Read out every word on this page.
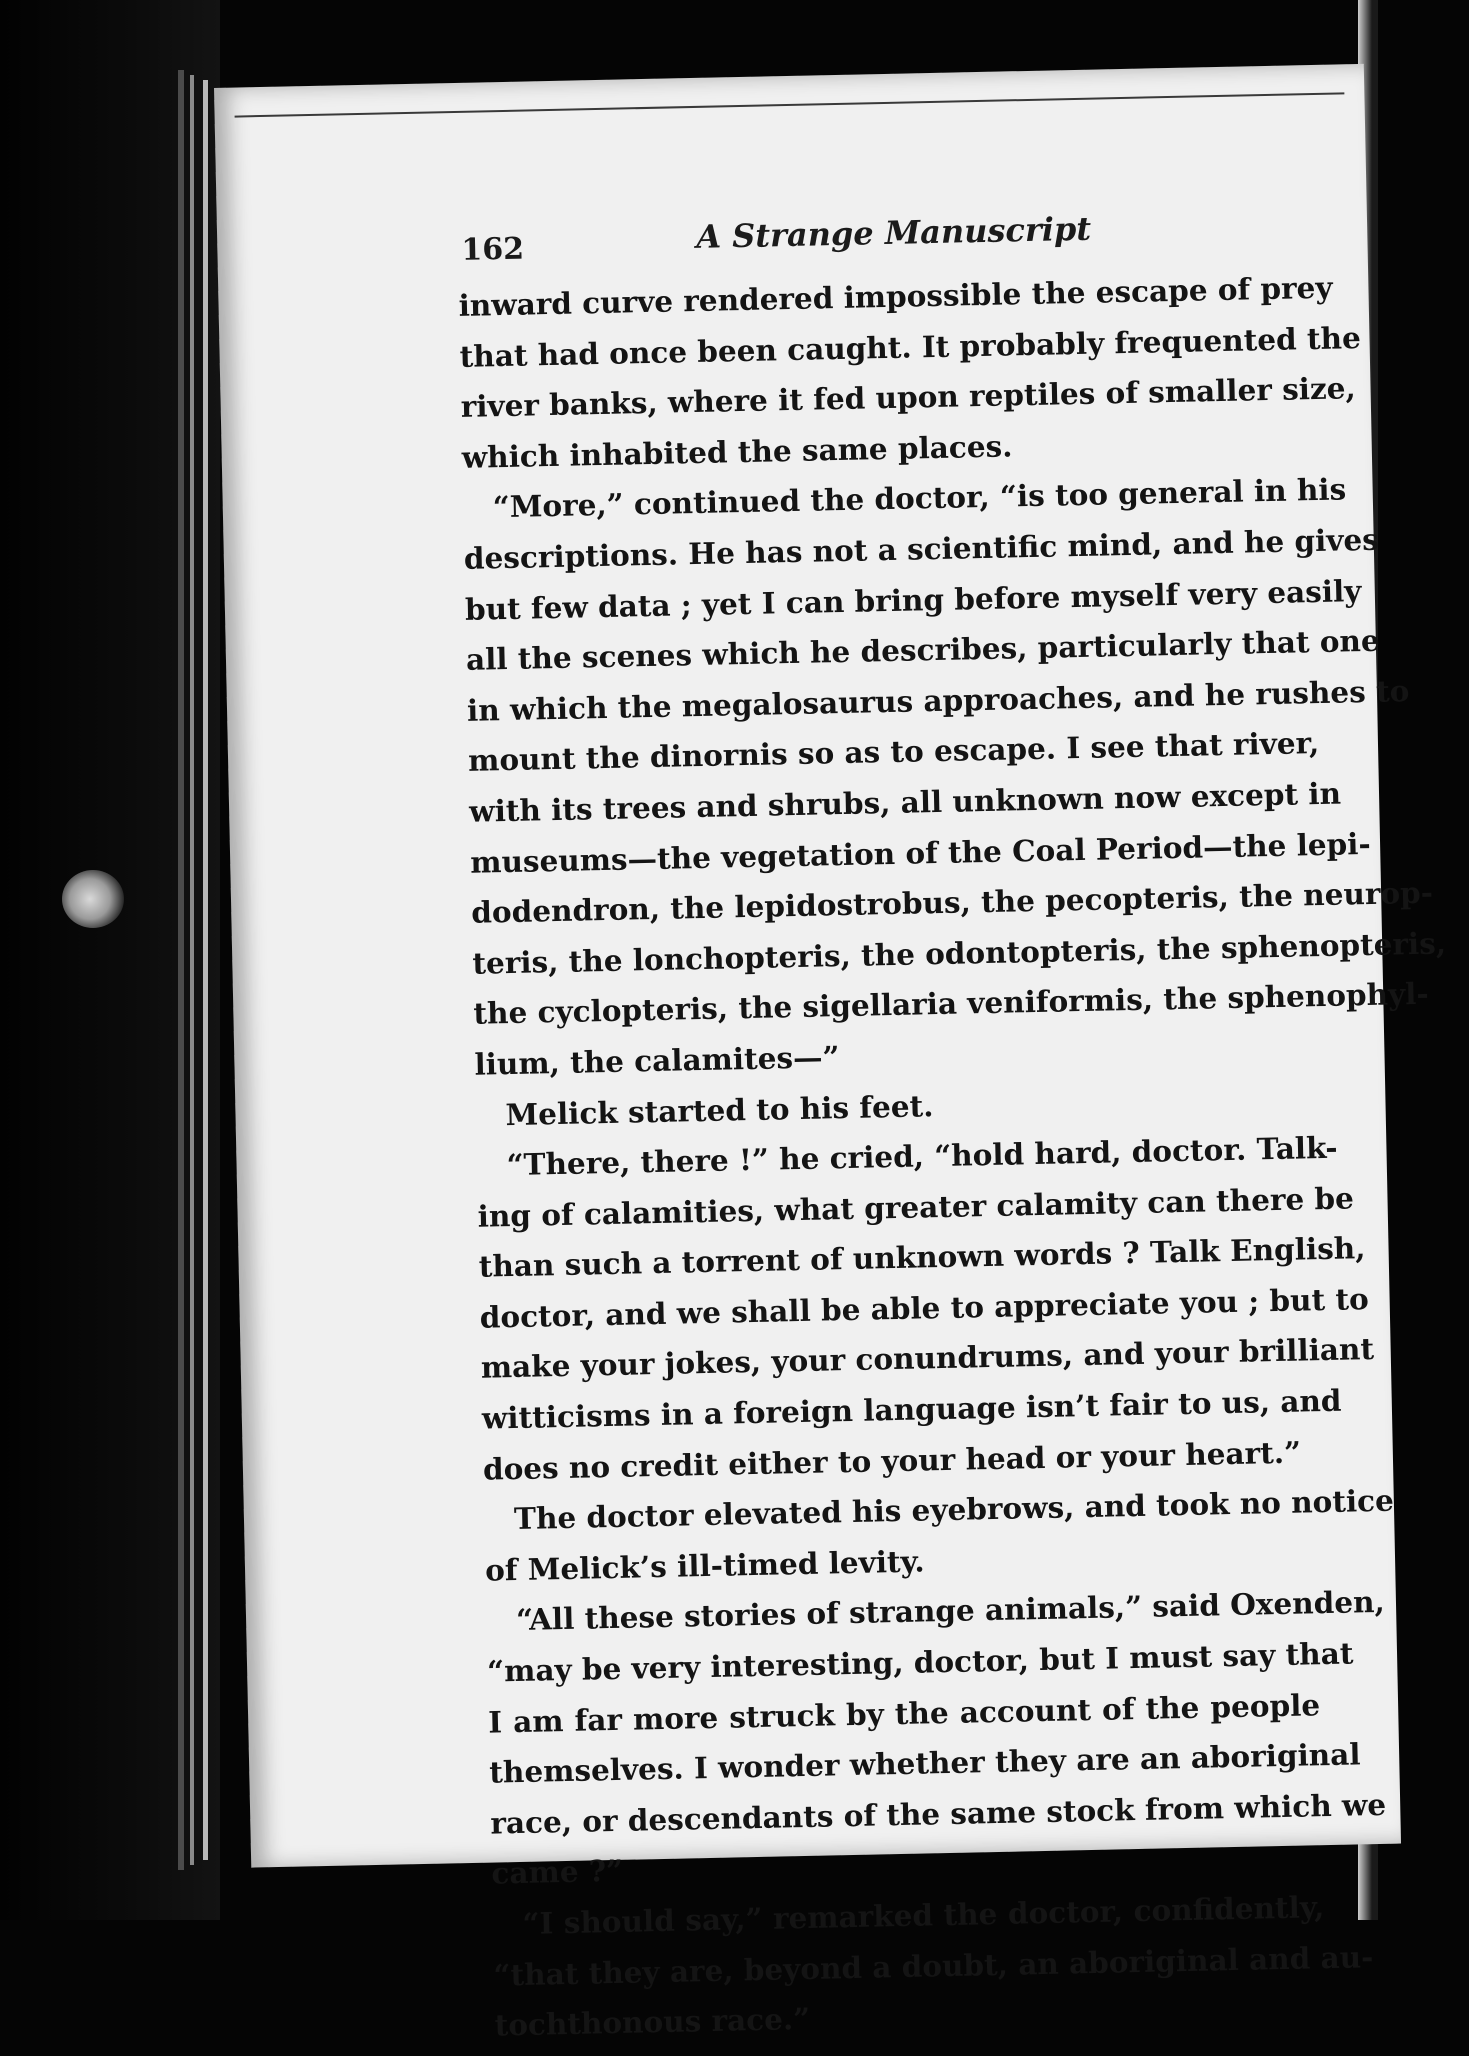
162	A Strange Manuscript
inward curve rendered impossible the escape of prey
that had once been caught. It probably frequented the
river banks, where it fed upon reptiles of smaller size,
which inhabited the same places.
“More,” continued the doctor, “is too general in his
descriptions. He has not a scientific mind, and he gives
but few data ; yet I can bring before myself very easily
all the scenes which he describes, particularly that one
in which the megalosaurus approaches, and he rushes to
mount the dinornis so as to escape. I see that river,
with its trees and shrubs, all unknown now except in
museums—the vegetation of the Coal Period—the lepi-
dodendron, the lepidostrobus, the pecopteris, the neurop-
teris, the lonchopteris, the odontopteris, the sphenopteris,
the cyclopteris, the sigellaria veniformis, the sphenophyl-
lium, the calamites—”
Melick started to his feet.
“There, there !” he cried, “hold hard, doctor. Talk-
ing of calamities, what greater calamity can there be
than such a torrent of unknown words ? Talk English,
doctor, and we shall be able to appreciate you ; but to
make your jokes, your conundrums, and your brilliant
witticisms in a foreign language isn’t fair to us, and
does no credit either to your head or your heart.”
The doctor elevated his eyebrows, and took no notice
of Melick’s ill-timed levity.
“All these stories of strange animals,” said Oxenden,
“may be very interesting, doctor, but I must say that
I am far more struck by the account of the people
themselves. I wonder whether they are an aboriginal
race, or descendants of the same stock from which we
came ?”
“I should say,” remarked the doctor, confidently,
“that they are, beyond a doubt, an aboriginal and au-
tochthonous race.”
